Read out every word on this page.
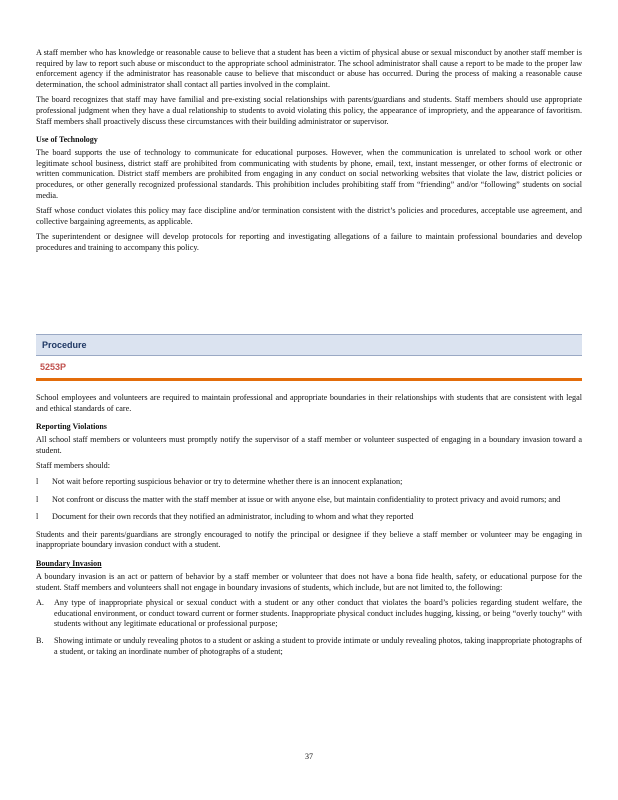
A staff member who has knowledge or reasonable cause to believe that a student has been a victim of physical abuse or sexual misconduct by another staff member is required by law to report such abuse or misconduct to the appropriate school administrator. The school administrator shall cause a report to be made to the proper law enforcement agency if the administrator has reasonable cause to believe that misconduct or abuse has occurred. During the process of making a reasonable cause determination, the school administrator shall contact all parties involved in the complaint.

The board recognizes that staff may have familial and pre-existing social relationships with parents/guardians and students. Staff members should use appropriate professional judgment when they have a dual relationship to students to avoid violating this policy, the appearance of impropriety, and the appearance of favoritism. Staff members shall proactively discuss these circumstances with their building administrator or supervisor.

Use of Technology

The board supports the use of technology to communicate for educational purposes. However, when the communication is unrelated to school work or other legitimate school business, district staff are prohibited from communicating with students by phone, email, text, instant messenger, or other forms of electronic or written communication. District staff members are prohibited from engaging in any conduct on social networking websites that violate the law, district policies or procedures, or other generally recognized professional standards. This prohibition includes prohibiting staff from “friending” and/or “following” students on social media.

Staff whose conduct violates this policy may face discipline and/or termination consistent with the district’s policies and procedures, acceptable use agreement, and collective bargaining agreements, as applicable.

The superintendent or designee will develop protocols for reporting and investigating allegations of a failure to maintain professional boundaries and develop procedures and training to accompany this policy.

Procedure
5253P

School employees and volunteers are required to maintain professional and appropriate boundaries in their relationships with students that are consistent with legal and ethical standards of care.

Reporting Violations

All school staff members or volunteers must promptly notify the supervisor of a staff member or volunteer suspected of engaging in a boundary invasion toward a student.

Staff members should:

l	Not wait before reporting suspicious behavior or try to determine whether there is an innocent explanation;
l	Not confront or discuss the matter with the staff member at issue or with anyone else, but maintain confidentiality to protect privacy and avoid rumors; and
l	Document for their own records that they notified an administrator, including to whom and what they reported

Students and their parents/guardians are strongly encouraged to notify the principal or designee if they believe a staff member or volunteer may be engaging in inappropriate boundary invasion conduct with a student.

Boundary Invasion

A boundary invasion is an act or pattern of behavior by a staff member or volunteer that does not have a bona fide health, safety, or educational purpose for the student. Staff members and volunteers shall not engage in boundary invasions of students, which include, but are not limited to, the following:

A.	Any type of inappropriate physical or sexual conduct with a student or any other conduct that violates the board’s policies regarding student welfare, the educational environment, or conduct toward current or former students. Inappropriate physical conduct includes hugging, kissing, or being “overly touchy” with students without any legitimate educational or professional purpose;
B.	Showing intimate or unduly revealing photos to a student or asking a student to provide intimate or unduly revealing photos, taking inappropriate photographs of a student, or taking an inordinate number of photographs of a student;
37
